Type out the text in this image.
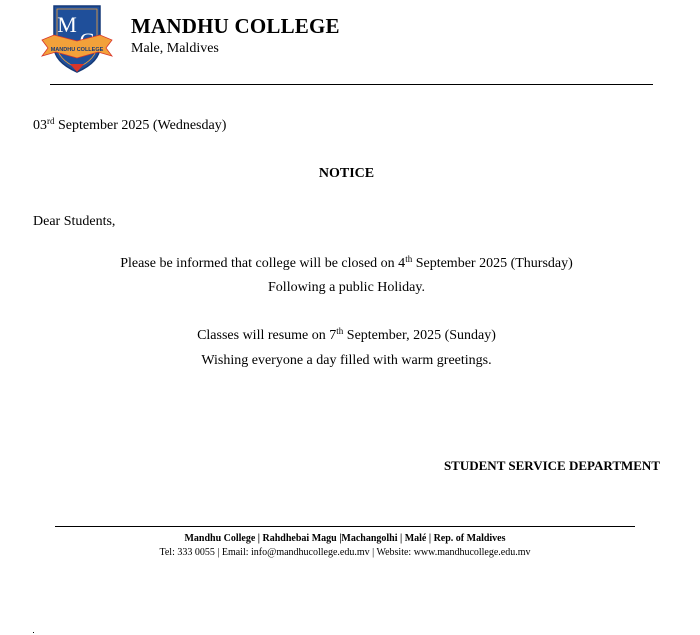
M
MANDHU COLLEGE
MANDHU COLLEGE
Male, Maldives
03rd September 2025 (Wednesday)
NOTICE
Dear Students,
Please be informed that college will be closed on 4th September 2025 (Thursday)
Following a public Holiday.
Classes will resume on 7th September, 2025 (Sunday)
Wishing everyone a day filled with warm greetings.
STUDENT SERVICE DEPARTMENT
Mandhu College | Rahdhebai Magu |Machangolhi | Malé | Rep. of Maldives
Tel: 333 0055 | Email: info@mandhucollege.edu.mv | Website: www.mandhucollege.edu.mv
